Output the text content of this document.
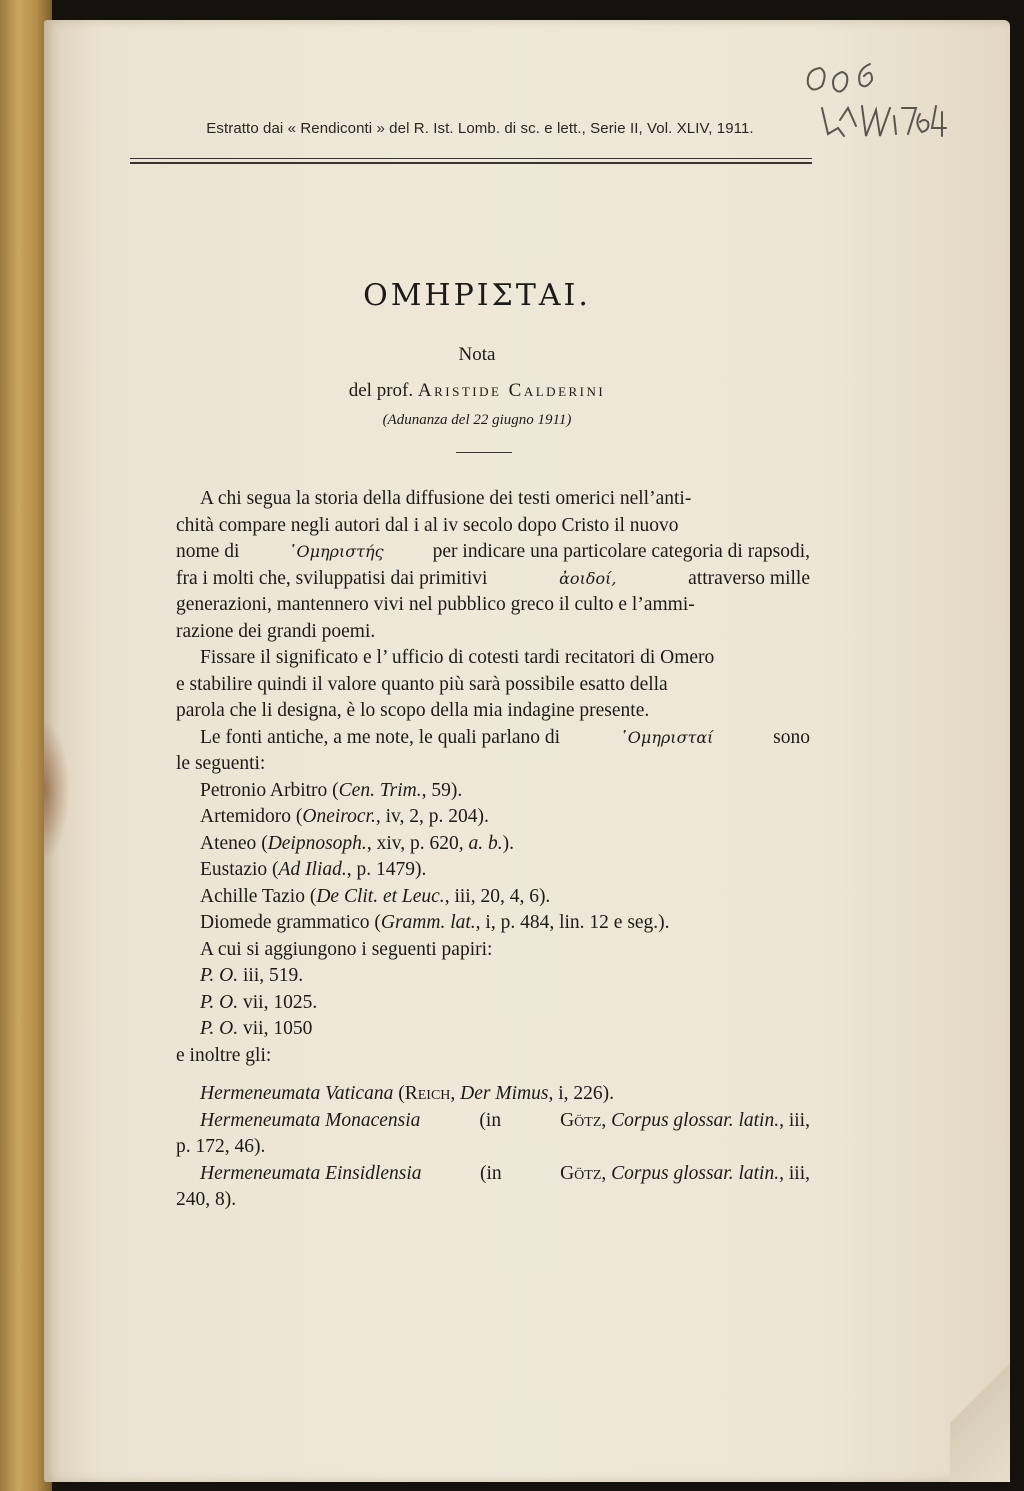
Estratto dai « Rendiconti » del R. Ist. Lomb. di sc. e lett., Serie II, Vol. XLIV, 1911.
ΟΜΗΡΙΣΤΑΙ.
Nota
del prof. Aristide Calderini
(Adunanza del 22 giugno 1911)
A chi segua la storia della diffusione dei testi omerici nell’anti-
chità compare negli autori dal i al iv secolo dopo Cristo il nuovo
nome di	῾Ομηριστής	per indicare una particolare categoria di rapsodi,
fra i molti che, sviluppatisi dai primitivi	ἀοιδοί,	attraverso mille
generazioni, mantennero vivi nel pubblico greco il culto e l’ammi-
razione dei grandi poemi.
Fissare il significato e l’ ufficio di cotesti tardi recitatori di Omero
e stabilire quindi il valore quanto più sarà possibile esatto della
parola che li designa, è lo scopo della mia indagine presente.
Le fonti antiche, a me note, le quali parlano di	῾Ομηρισταί	sono
le seguenti:
Petronio Arbitro (Cen. Trim., 59).
Artemidoro (Oneirocr., iv, 2, p. 204).
Ateneo (Deipnosoph., xiv, p. 620, a. b.).
Eustazio (Ad Iliad., p. 1479).
Achille Tazio (De Clit. et Leuc., iii, 20, 4, 6).
Diomede grammatico (Gramm. lat., i, p. 484, lin. 12 e seg.).
A cui si aggiungono i seguenti papiri:
P. O. iii, 519.
P. O. vii, 1025.
P. O. vii, 1050
e inoltre gli:
Hermeneumata Vaticana (Reich, Der Mimus, i, 226).
Hermeneumata Monacensia	(in	Götz, Corpus glossar. latin., iii,
p. 172, 46).
Hermeneumata Einsidlensia	(in	Götz, Corpus glossar. latin., iii,
240, 8).
